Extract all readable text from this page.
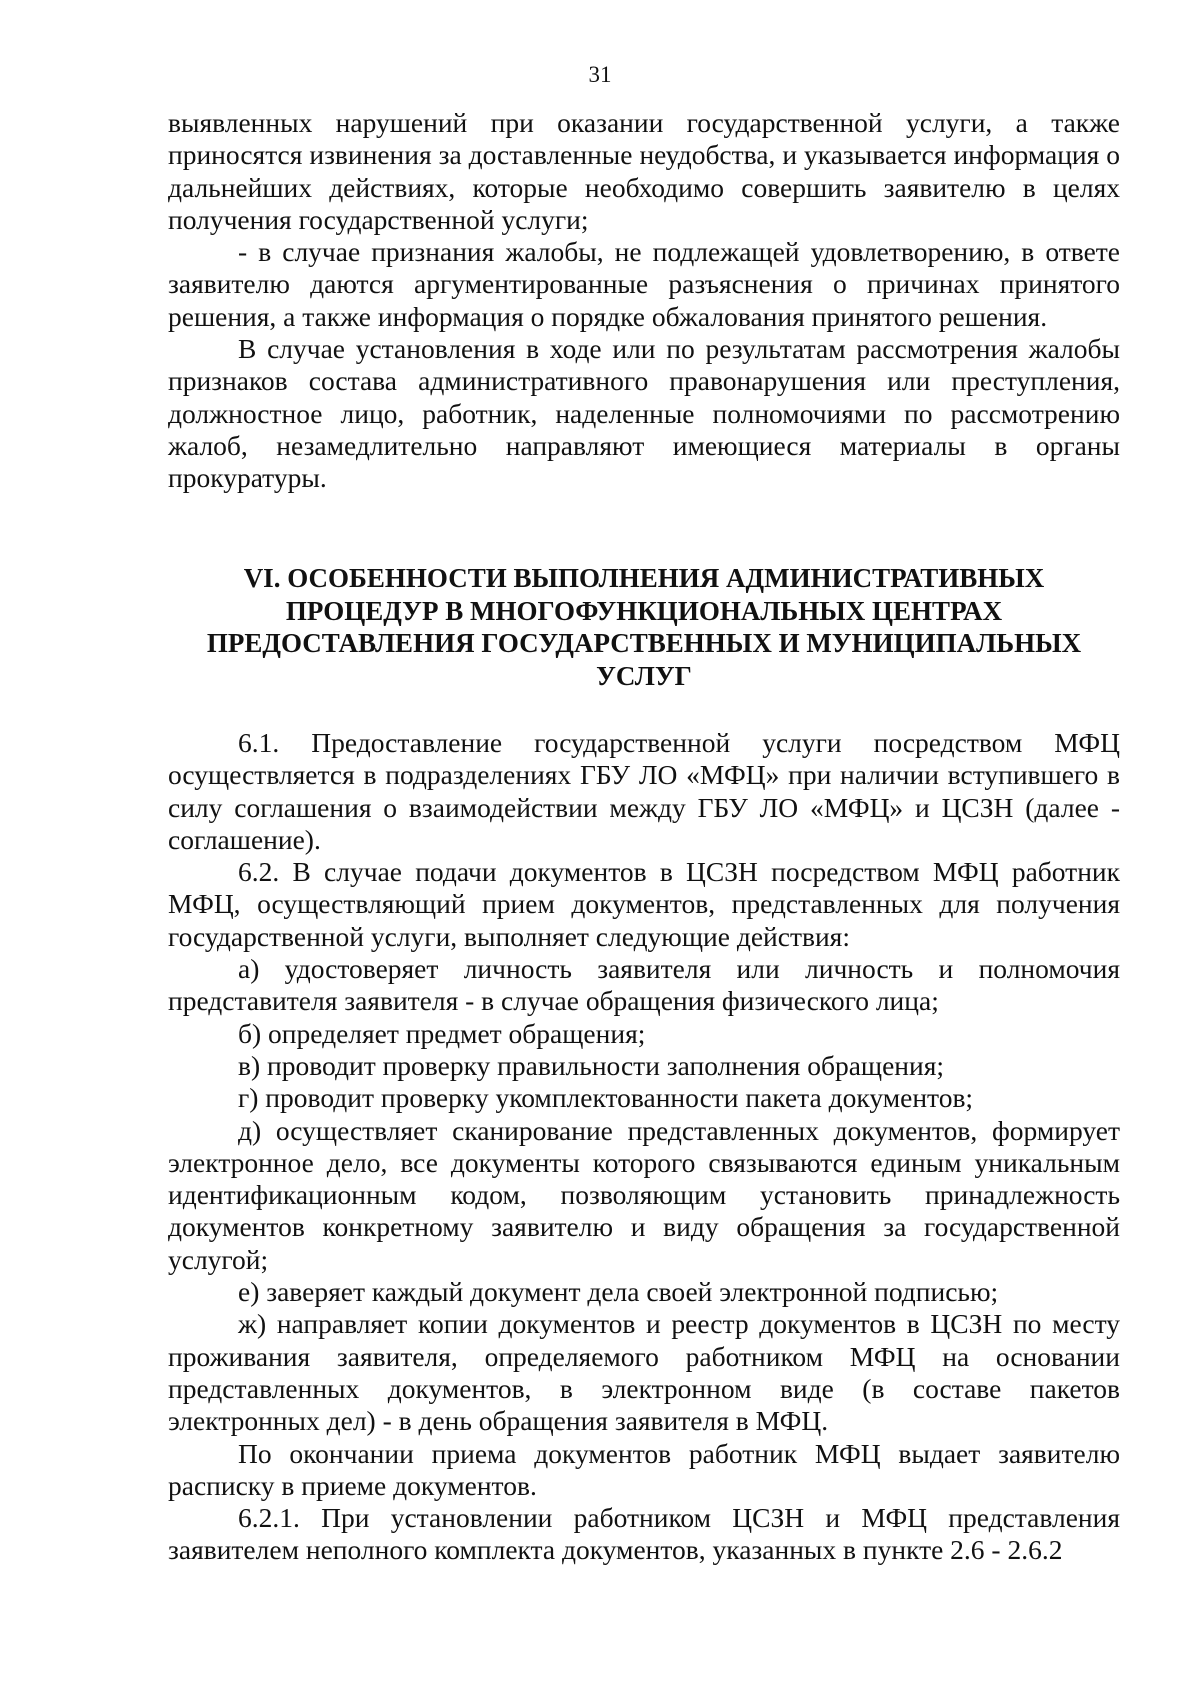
31

выявленных нарушений при оказании государственной услуги, а также приносятся извинения за доставленные неудобства, и указывается информация о дальнейших действиях, которые необходимо совершить заявителю в целях получения государственной услуги;

- в случае признания жалобы, не подлежащей удовлетворению, в ответе заявителю даются аргументированные разъяснения о причинах принятого решения, а также информация о порядке обжалования принятого решения.

В случае установления в ходе или по результатам рассмотрения жалобы признаков состава административного правонарушения или преступления, должностное лицо, работник, наделенные полномочиями по рассмотрению жалоб, незамедлительно направляют имеющиеся материалы в органы прокуратуры.

VI. ОСОБЕННОСТИ ВЫПОЛНЕНИЯ АДМИНИСТРАТИВНЫХ
ПРОЦЕДУР В МНОГОФУНКЦИОНАЛЬНЫХ ЦЕНТРАХ
ПРЕДОСТАВЛЕНИЯ ГОСУДАРСТВЕННЫХ И МУНИЦИПАЛЬНЫХ
УСЛУГ

6.1. Предоставление государственной услуги посредством МФЦ осуществляется в подразделениях ГБУ ЛО «МФЦ» при наличии вступившего в силу соглашения о взаимодействии между ГБУ ЛО «МФЦ» и ЦСЗН (далее - соглашение).

6.2. В случае подачи документов в ЦСЗН посредством МФЦ работник МФЦ, осуществляющий прием документов, представленных для получения государственной услуги, выполняет следующие действия:

а) удостоверяет личность заявителя или личность и полномочия представителя заявителя - в случае обращения физического лица;

б) определяет предмет обращения;

в) проводит проверку правильности заполнения обращения;

г) проводит проверку укомплектованности пакета документов;

д) осуществляет сканирование представленных документов, формирует электронное дело, все документы которого связываются единым уникальным идентификационным кодом, позволяющим установить принадлежность документов конкретному заявителю и виду обращения за государственной услугой;

е) заверяет каждый документ дела своей электронной подписью;

ж) направляет копии документов и реестр документов в ЦСЗН по месту проживания заявителя, определяемого работником МФЦ на основании представленных документов, в электронном виде (в составе пакетов электронных дел) - в день обращения заявителя в МФЦ.

По окончании приема документов работник МФЦ выдает заявителю расписку в приеме документов.

6.2.1. При установлении работником ЦСЗН и МФЦ представления заявителем неполного комплекта документов, указанных в пункте 2.6 - 2.6.2
